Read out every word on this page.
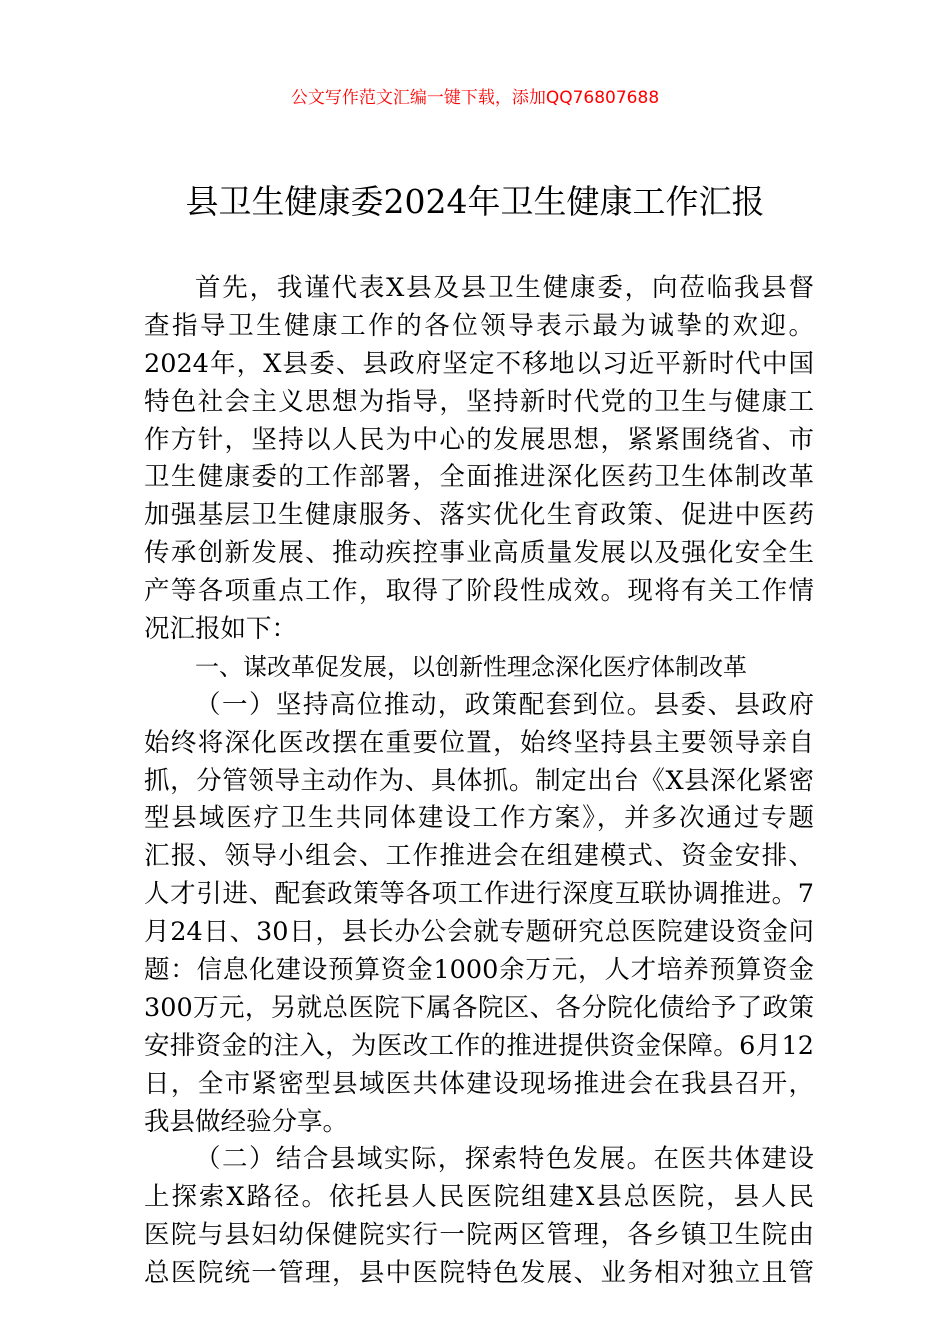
公文写作范文汇编一键下载，添加QQ76807688
县卫生健康委2024年卫生健康工作汇报
首先，我谨代表X县及县卫生健康委，向莅临我县督
查指导卫生健康工作的各位领导表示最为诚挚的欢迎。
2024年，X县委、县政府坚定不移地以习近平新时代中国
特色社会主义思想为指导，坚持新时代党的卫生与健康工
作方针，坚持以人民为中心的发展思想，紧紧围绕省、市
卫生健康委的工作部署，全面推进深化医药卫生体制改革
加强基层卫生健康服务、落实优化生育政策、促进中医药
传承创新发展、推动疾控事业高质量发展以及强化安全生
产等各项重点工作，取得了阶段性成效。现将有关工作情
况汇报如下：
一、谋改革促发展，以创新性理念深化医疗体制改革
（一）坚持高位推动，政策配套到位。县委、县政府
始终将深化医改摆在重要位置，始终坚持县主要领导亲自
抓，分管领导主动作为、具体抓。制定出台《X县深化紧密
型县域医疗卫生共同体建设工作方案》，并多次通过专题
汇报、领导小组会、工作推进会在组建模式、资金安排、
人才引进、配套政策等各项工作进行深度互联协调推进。7
月24日、30日，县长办公会就专题研究总医院建设资金问
题：信息化建设预算资金1000余万元，人才培养预算资金
300万元，另就总医院下属各院区、各分院化债给予了政策
安排资金的注入，为医改工作的推进提供资金保障。6月12
日，全市紧密型县域医共体建设现场推进会在我县召开，
我县做经验分享。
（二）结合县域实际，探索特色发展。在医共体建设
上探索X路径。依托县人民医院组建X县总医院，县人民
医院与县妇幼保健院实行一院两区管理，各乡镇卫生院由
总医院统一管理，县中医院特色发展、业务相对独立且管
